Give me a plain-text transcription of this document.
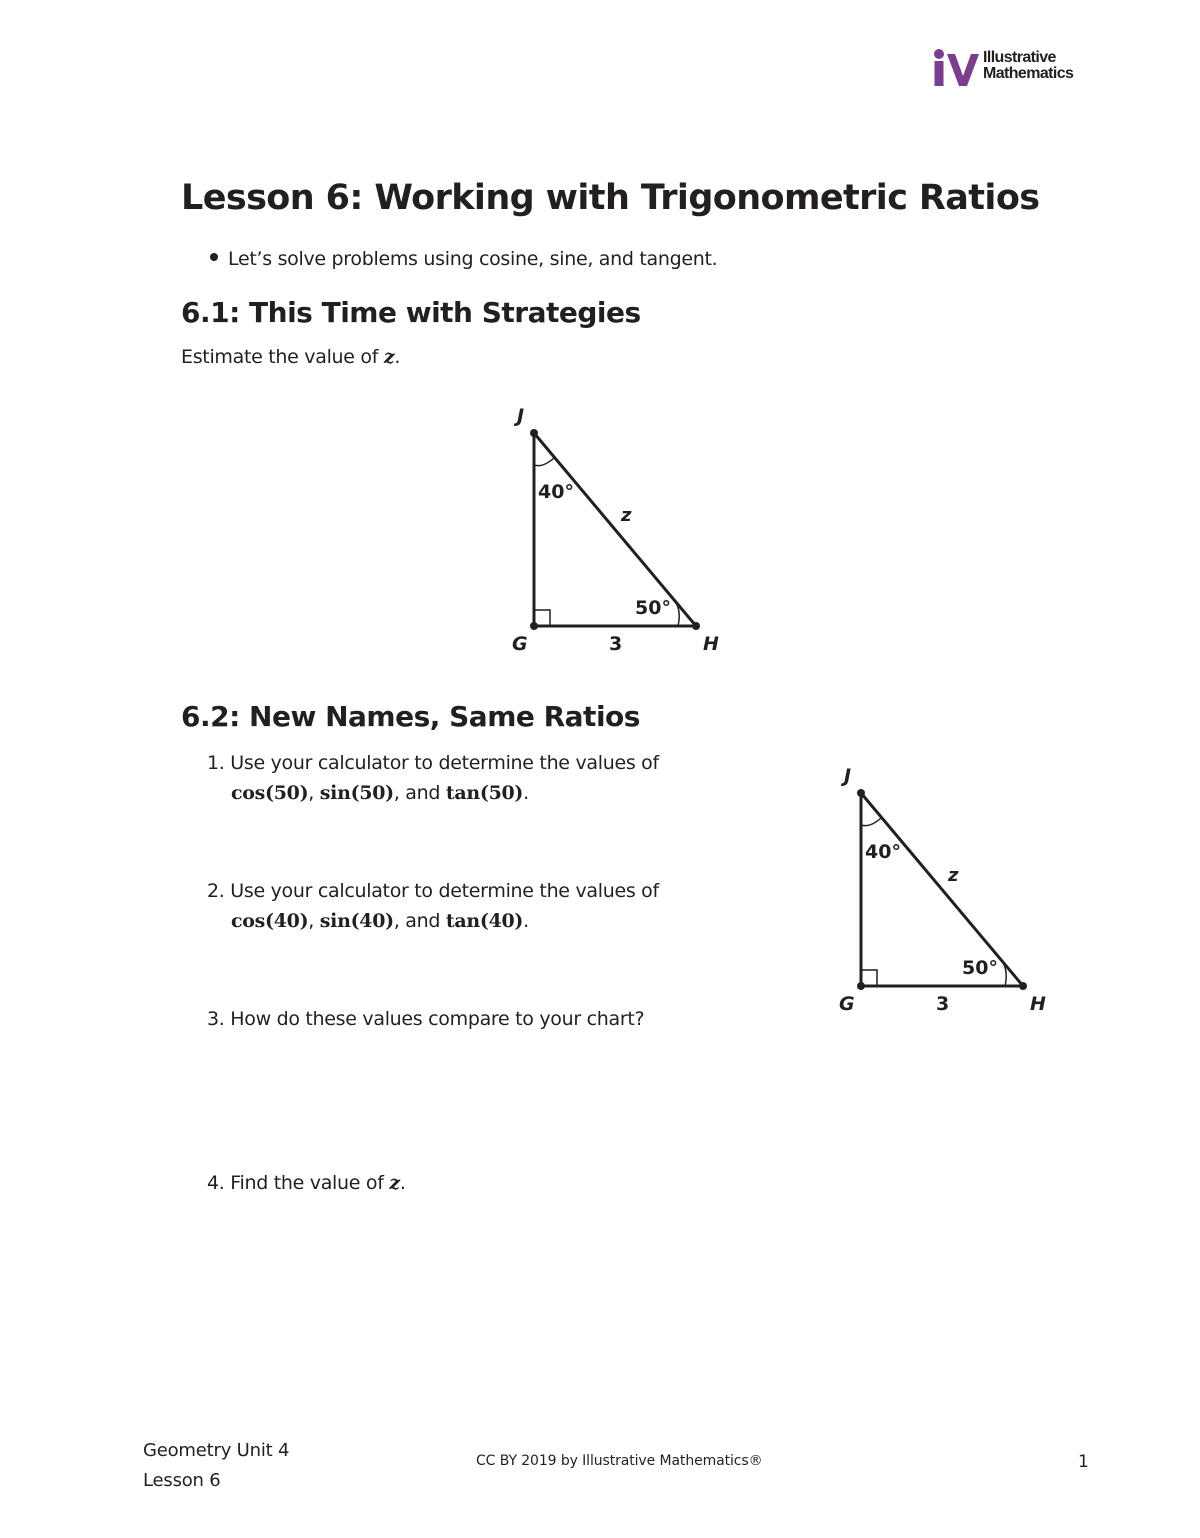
Illustrative
Mathematics
Lesson 6: Working with Trigonometric Ratios
Let’s solve problems using cosine, sine, and tangent.
6.1: This Time with Strategies
Estimate the value of z.
J
G	H
40°
50°
3
z
6.2: New Names, Same Ratios
1. Use your calculator to determine the values of
cos(50), sin(50), and tan(50).
2. Use your calculator to determine the values of
cos(40), sin(40), and tan(40).
3. How do these values compare to your chart?
4. Find the value of z.
J
G	H
40°
50°
3
z
Geometry Unit 4
Lesson 6
CC BY 2019 by Illustrative Mathematics®	1
